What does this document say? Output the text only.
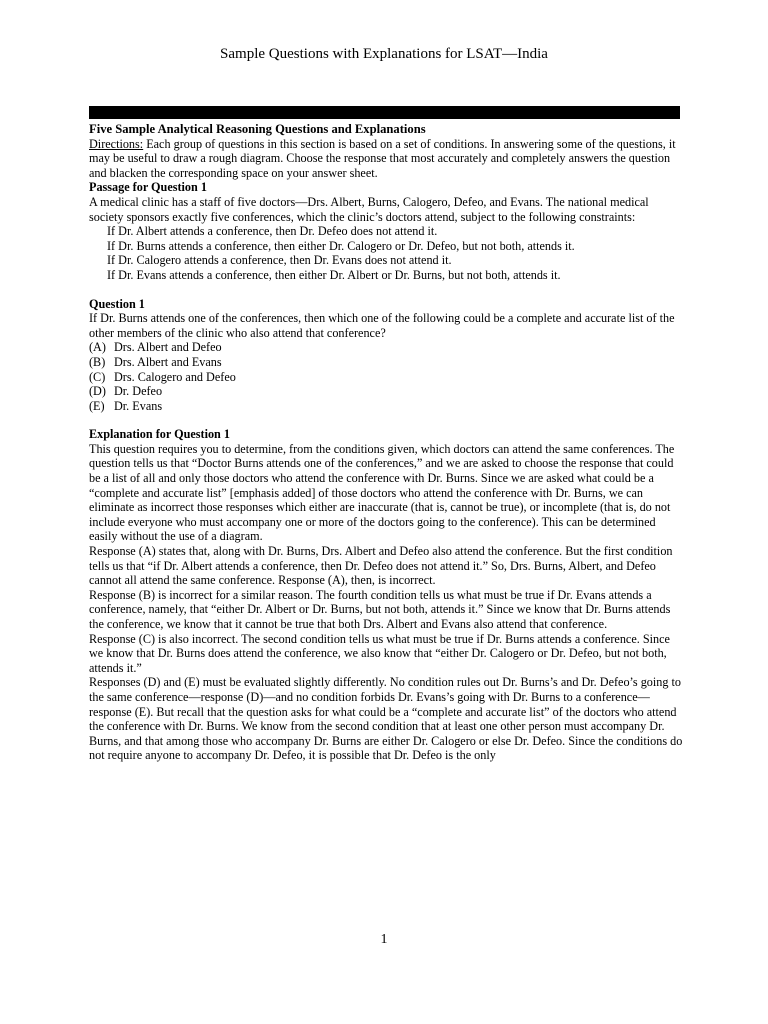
Sample Questions with Explanations for LSAT—India

Five Sample Analytical Reasoning Questions and Explanations

Directions: Each group of questions in this section is based on a set of conditions. In answering some of the questions, it may be useful to draw a rough diagram. Choose the response that most accurately and completely answers the question and blacken the corresponding space on your answer sheet.

Passage for Question 1

A medical clinic has a staff of five doctors—Drs. Albert, Burns, Calogero, Defeo, and Evans. The national medical society sponsors exactly five conferences, which the clinic’s doctors attend, subject to the following constraints:

If Dr. Albert attends a conference, then Dr. Defeo does not attend it.

If Dr. Burns attends a conference, then either Dr. Calogero or Dr. Defeo, but not both, attends it.

If Dr. Calogero attends a conference, then Dr. Evans does not attend it.

If Dr. Evans attends a conference, then either Dr. Albert or Dr. Burns, but not both, attends it.

Question 1

If Dr. Burns attends one of the conferences, then which one of the following could be a complete and accurate list of the other members of the clinic who also attend that conference?

(A) Drs. Albert and Defeo
(B) Drs. Albert and Evans
(C) Drs. Calogero and Defeo
(D) Dr. Defeo
(E) Dr. Evans

Explanation for Question 1

This question requires you to determine, from the conditions given, which doctors can attend the same conferences. The question tells us that “Doctor Burns attends one of the conferences,” and we are asked to choose the response that could be a list of all and only those doctors who attend the conference with Dr. Burns. Since we are asked what could be a “complete and accurate list” [emphasis added] of those doctors who attend the conference with Dr. Burns, we can eliminate as incorrect those responses which either are inaccurate (that is, cannot be true), or incomplete (that is, do not include everyone who must accompany one or more of the doctors going to the conference). This can be determined easily without the use of a diagram.

Response (A) states that, along with Dr. Burns, Drs. Albert and Defeo also attend the conference. But the first condition tells us that “if Dr. Albert attends a conference, then Dr. Defeo does not attend it.” So, Drs. Burns, Albert, and Defeo cannot all attend the same conference. Response (A), then, is incorrect.

Response (B) is incorrect for a similar reason. The fourth condition tells us what must be true if Dr. Evans attends a conference, namely, that “either Dr. Albert or Dr. Burns, but not both, attends it.” Since we know that Dr. Burns attends the conference, we know that it cannot be true that both Drs. Albert and Evans also attend that conference.

Response (C) is also incorrect. The second condition tells us what must be true if Dr. Burns attends a conference. Since we know that Dr. Burns does attend the conference, we also know that “either Dr. Calogero or Dr. Defeo, but not both, attends it.”

Responses (D) and (E) must be evaluated slightly differently. No condition rules out Dr. Burns’s and Dr. Defeo’s going to the same conference—response (D)—and no condition forbids Dr. Evans’s going with Dr. Burns to a conference—response (E). But recall that the question asks for what could be a “complete and accurate list” of the doctors who attend the conference with Dr. Burns. We know from the second condition that at least one other person must accompany Dr. Burns, and that among those who accompany Dr. Burns are either Dr. Calogero or else Dr. Defeo. Since the conditions do not require anyone to accompany Dr. Defeo, it is possible that Dr. Defeo is the only

1
